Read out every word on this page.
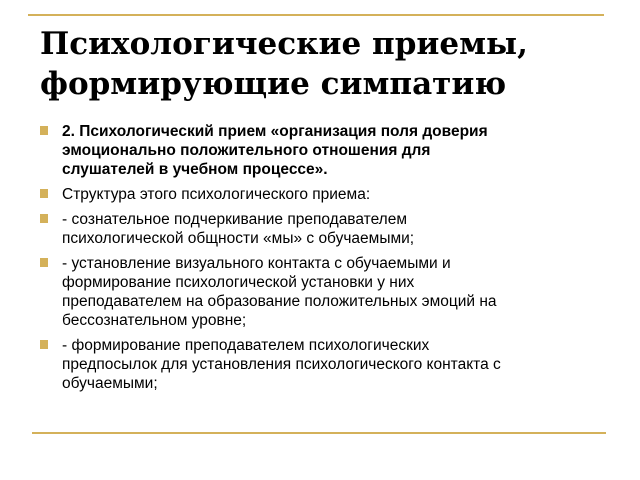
Психологические приемы,
формирующие симпатию
2. Психологический прием «организация поля доверия
эмоционально положительного отношения для
слушателей в учебном процессе».
Структура этого психологического приема:
- сознательное подчеркивание преподавателем
психологической общности «мы» с обучаемыми;
- установление визуального контакта с обучаемыми и
формирование психологической установки у них
преподавателем на образование положительных эмоций на
бессознательном уровне;
- формирование преподавателем психологических
предпосылок для установления психологического контакта с
обучаемыми;
